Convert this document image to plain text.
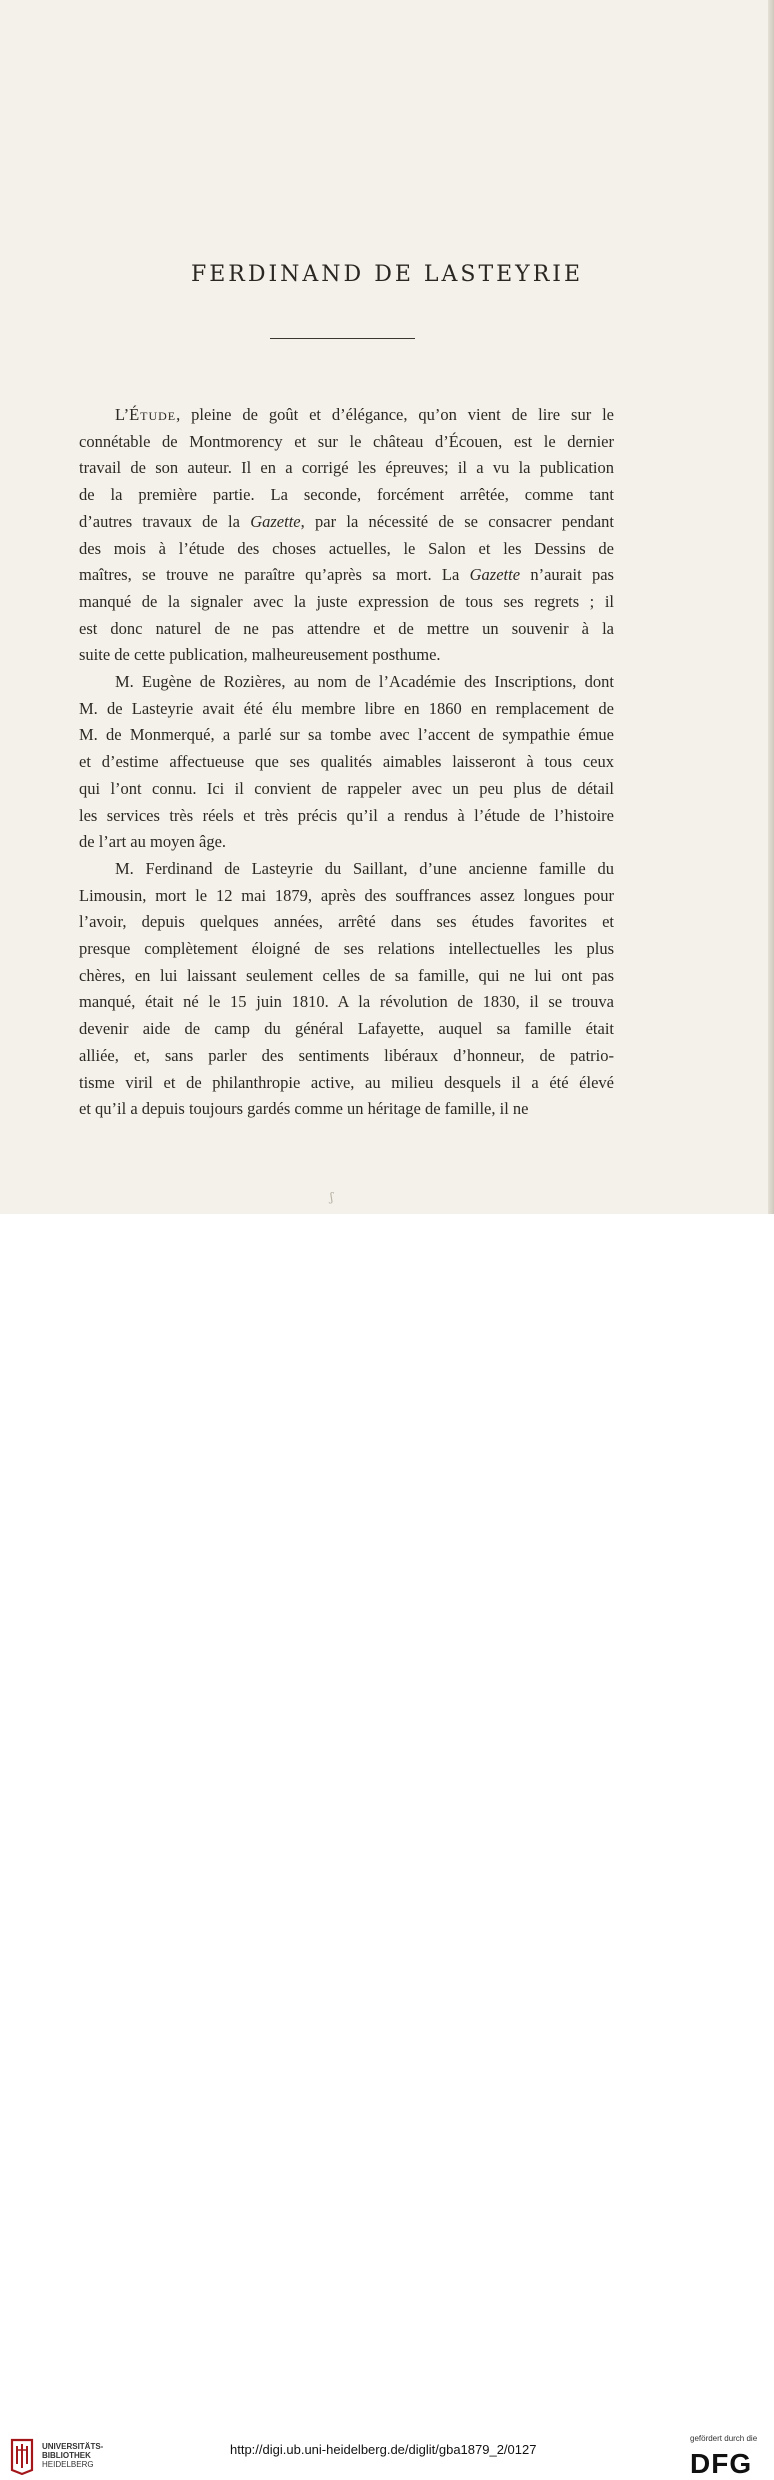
FERDINAND DE LASTEYRIE
L’Étude, pleine de goût et d’élégance, qu’on vient de lire sur le
connétable de Montmorency et sur le château d’Écouen, est le dernier
travail de son auteur. Il en a corrigé les épreuves; il a vu la publication
de la première partie. La seconde, forcément arrêtée, comme tant
d’autres travaux de la Gazette, par la nécessité de se consacrer pendant
des mois à l’étude des choses actuelles, le Salon et les Dessins de
maîtres, se trouve ne paraître qu’après sa mort. La Gazette n’aurait pas
manqué de la signaler avec la juste expression de tous ses regrets ; il
est donc naturel de ne pas attendre et de mettre un souvenir à la
suite de cette publication, malheureusement posthume.
M. Eugène de Rozières, au nom de l’Académie des Inscriptions, dont
M. de Lasteyrie avait été élu membre libre en 1860 en remplacement de
M. de Monmerqué, a parlé sur sa tombe avec l’accent de sympathie émue
et d’estime affectueuse que ses qualités aimables laisseront à tous ceux
qui l’ont connu. Ici il convient de rappeler avec un peu plus de détail
les services très réels et très précis qu’il a rendus à l’étude de l’histoire
de l’art au moyen âge.
M. Ferdinand de Lasteyrie du Saillant, d’une ancienne famille du
Limousin, mort le 12 mai 1879, après des souffrances assez longues pour
l’avoir, depuis quelques années, arrêté dans ses études favorites et
presque complètement éloigné de ses relations intellectuelles les plus
chères, en lui laissant seulement celles de sa famille, qui ne lui ont pas
manqué, était né le 15 juin 1810. A la révolution de 1830, il se trouva
devenir aide de camp du général Lafayette, auquel sa famille était
alliée, et, sans parler des sentiments libéraux d’honneur, de patrio-
tisme viril et de philanthropie active, au milieu desquels il a été élevé
et qu’il a depuis toujours gardés comme un héritage de famille, il ne
ʃ
UNIVERSITÄTS-
BIBLIOTHEK
HEIDELBERG
http://digi.ub.uni-heidelberg.de/diglit/gba1879_2/0127
gefördert durch die
DFG
